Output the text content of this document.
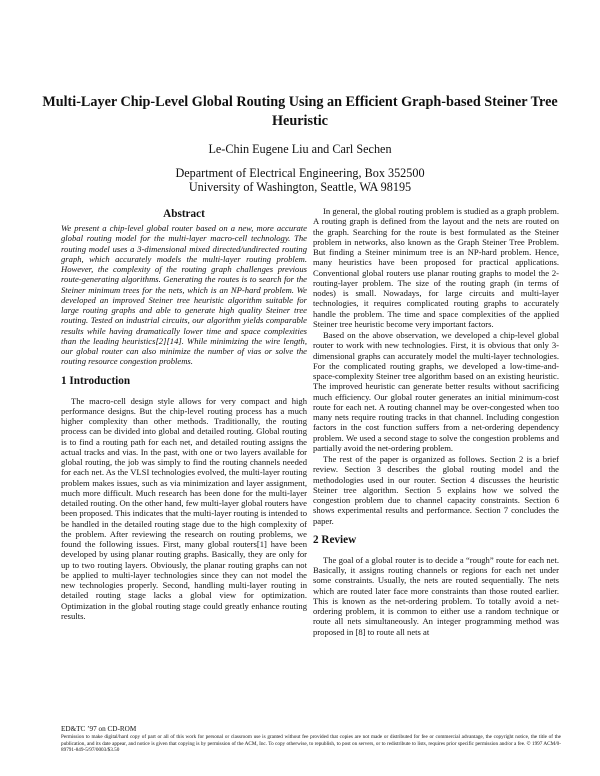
Multi-Layer Chip-Level Global Routing Using an Efficient Graph-based Steiner Tree Heuristic
Le-Chin Eugene Liu and Carl Sechen
Department of Electrical Engineering, Box 352500
University of Washington, Seattle, WA 98195
Abstract

We present a chip-level global router based on a new, more accurate global routing model for the multi-layer macro-cell technology. The routing model uses a 3-dimensional mixed directed/undirected routing graph, which accurately models the multi-layer routing problem. However, the complexity of the routing graph challenges previous route-generating algorithms. Generating the routes is to search for the Steiner minimum trees for the nets, which is an NP-hard problem. We developed an improved Steiner tree heuristic algorithm suitable for large routing graphs and able to generate high quality Steiner tree routing. Tested on industrial circuits, our algorithm yields comparable results while having dramatically lower time and space complexities than the leading heuristics[2][14]. While minimizing the wire length, our global router can also minimize the number of vias or solve the routing resource congestion problems.

1 Introduction

The macro-cell design style allows for very compact and high performance designs. But the chip-level routing process has a much higher complexity than other methods. Traditionally, the routing process can be divided into global and detailed routing. Global routing is to find a routing path for each net, and detailed routing assigns the actual tracks and vias. In the past, with one or two layers available for global routing, the job was simply to find the routing channels needed for each net. As the VLSI technologies evolved, the multi-layer routing problem makes issues, such as via minimization and layer assignment, much more difficult. Much research has been done for the multi-layer detailed routing. On the other hand, few multi-layer global routers have been proposed. This indicates that the multi-layer routing is intended to be handled in the detailed routing stage due to the high complexity of the problem. After reviewing the research on routing problems, we found the following issues. First, many global routers[1] have been developed by using planar routing graphs. Basically, they are only for up to two routing layers. Obviously, the planar routing graphs can not be applied to multi-layer technologies since they can not model the new technologies properly. Second, handling multi-layer routing in detailed routing stage lacks a global view for optimization. Optimization in the global routing stage could greatly enhance routing results.

In general, the global routing problem is studied as a graph problem. A routing graph is defined from the layout and the nets are routed on the graph. Searching for the route is best formulated as the Steiner problem in networks, also known as the Graph Steiner Tree Problem. But finding a Steiner minimum tree is an NP-hard problem. Hence, many heuristics have been proposed for practical applications. Conventional global routers use planar routing graphs to model the 2-routing-layer problem. The size of the routing graph (in terms of nodes) is small. Nowadays, for large circuits and multi-layer technologies, it requires complicated routing graphs to accurately handle the problem. The time and space complexities of the applied Steiner tree heuristic become very important factors.

Based on the above observation, we developed a chip-level global router to work with new technologies. First, it is obvious that only 3-dimensional graphs can accurately model the multi-layer technologies. For the complicated routing graphs, we developed a low-time-and-space-complexity Steiner tree algorithm based on an existing heuristic. The improved heuristic can generate better results without sacrificing much efficiency. Our global router generates an initial minimum-cost route for each net. A routing channel may be over-congested when too many nets require routing tracks in that channel. Including congestion factors in the cost function suffers from a net-ordering dependency problem. We used a second stage to solve the congestion problems and partially avoid the net-ordering problem.

The rest of the paper is organized as follows. Section 2 is a brief review. Section 3 describes the global routing model and the methodologies used in our router. Section 4 discusses the heuristic Steiner tree algorithm. Section 5 explains how we solved the congestion problem due to channel capacity constraints. Section 6 shows experimental results and performance. Section 7 concludes the paper.

2 Review

The goal of a global router is to decide a “rough” route for each net. Basically, it assigns routing channels or regions for each net under some constraints. Usually, the nets are routed sequentially. The nets which are routed later face more constraints than those routed earlier. This is known as the net-ordering problem. To totally avoid a net-ordering problem, it is common to either use a random technique or route all nets simultaneously. An integer programming method was proposed in [8] to route all nets at

ED&TC ’97 on CD-ROM
Permission to make digital/hard copy of part or all of this work for personal or classroom use is granted without fee provided that copies are not made or distributed for fee or commercial advantage, the copyright notice, the title of the publication, and its date appear, and notice is given that copying is by permission of the ACM, Inc. To copy otherwise, to republish, to post on servers, or to redistribute to lists, requires prior specific permission and/or a fee. © 1997 ACM/0-89791-849-5/97/0003/$3.50
